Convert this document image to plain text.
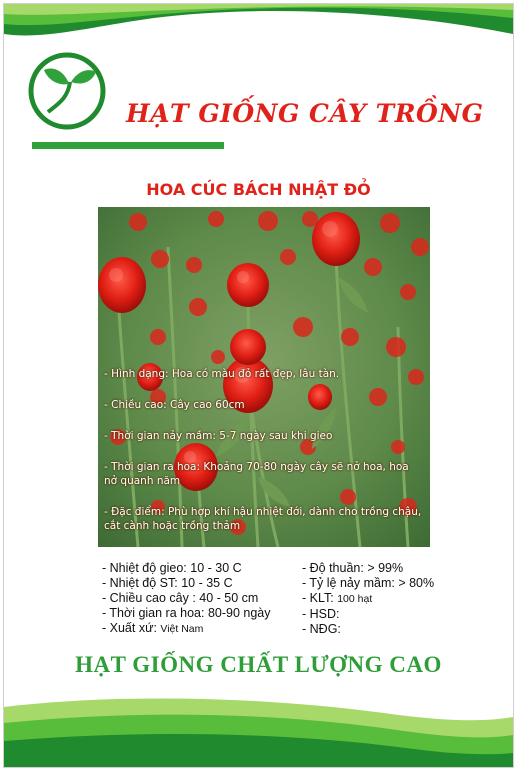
HẠT GIỐNG CÂY TRỒNG
HOA CÚC BÁCH NHẬT ĐỎ

- Hình dạng: Hoa có màu đỏ rất đẹp, lâu tàn.

- Chiều cao: Cây cao 60cm

- Thời gian nảy mầm: 5-7 ngày sau khi gieo

- Thời gian ra hoa: Khoảng 70-80 ngày cây sẽ nở hoa, hoa nở quanh năm

- Đặc điểm: Phù hợp khí hậu nhiệt đới, dành cho trồng chậu, cắt cành hoặc trồng thảm

- Nhiệt độ gieo: 10 - 30 C
- Nhiệt độ ST: 10 - 35 C
- Chiều cao cây : 40 - 50 cm
- Thời gian ra hoa: 80-90 ngày
- Xuất xứ: Việt Nam
- Độ thuần: > 99%
- Tỷ lệ nảy mầm: > 80%
- KLT: 100 hạt
- HSD:
- NĐG:
HẠT GIỐNG CHẤT LƯỢNG CAO
